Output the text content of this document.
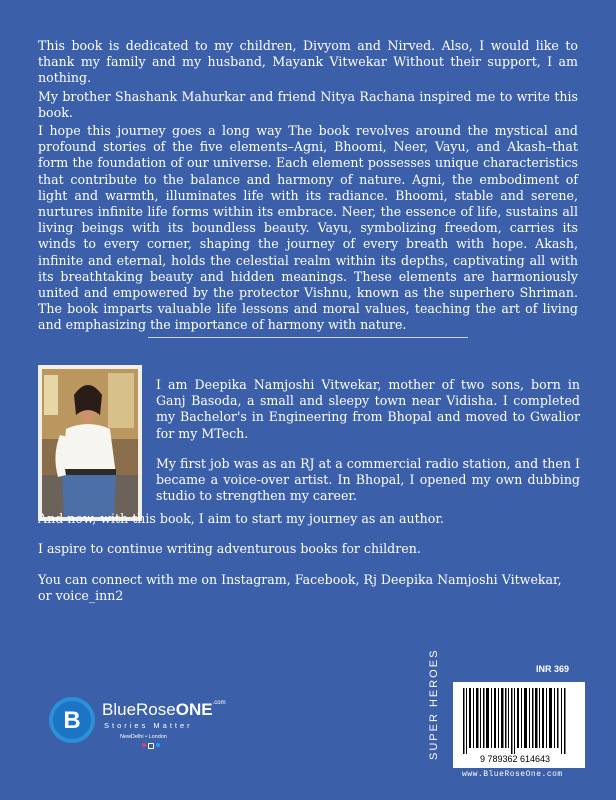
This book is dedicated to my children, Divyom and Nirved. Also, I would like to thank my family and my husband, Mayank Vitwekar Without their support, I am nothing.

My brother Shashank Mahurkar and friend Nitya Rachana inspired me to write this book.

I hope this journey goes a long way The book revolves around the mystical and profound stories of the five elements–Agni, Bhoomi, Neer, Vayu, and Akash–that form the foundation of our universe. Each element possesses unique characteristics that contribute to the balance and harmony of nature. Agni, the embodiment of light and warmth, illuminates life with its radiance. Bhoomi, stable and serene, nurtures infinite life forms within its embrace. Neer, the essence of life, sustains all living beings with its boundless beauty. Vayu, symbolizing freedom, carries its winds to every corner, shaping the journey of every breath with hope. Akash, infinite and eternal, holds the celestial realm within its depths, captivating all with its breathtaking beauty and hidden meanings. These elements are harmoniously united and empowered by the protector Vishnu, known as the superhero Shriman. The book imparts valuable life lessons and moral values, teaching the art of living and emphasizing the importance of harmony with nature.

I am Deepika Namjoshi Vitwekar, mother of two sons, born in Ganj Basoda, a small and sleepy town near Vidisha. I completed my Bachelor's in Engineering from Bhopal and moved to Gwalior for my MTech.

My first job was as an RJ at a commercial radio station, and then I became a voice-over artist. In Bhopal, I opened my own dubbing studio to strengthen my career.

And now, with this book, I aim to start my journey as an author.

I aspire to continue writing adventurous books for children.

You can connect with me on Instagram, Facebook, Rj Deepika Namjoshi Vitwekar, or voice_inn2

B BlueRoseONE$^{.com}$
Stories Matter
NewDelhi • London	SUPER HEROES	INR 369
9 789362 614643
www.BlueRoseOne.com
